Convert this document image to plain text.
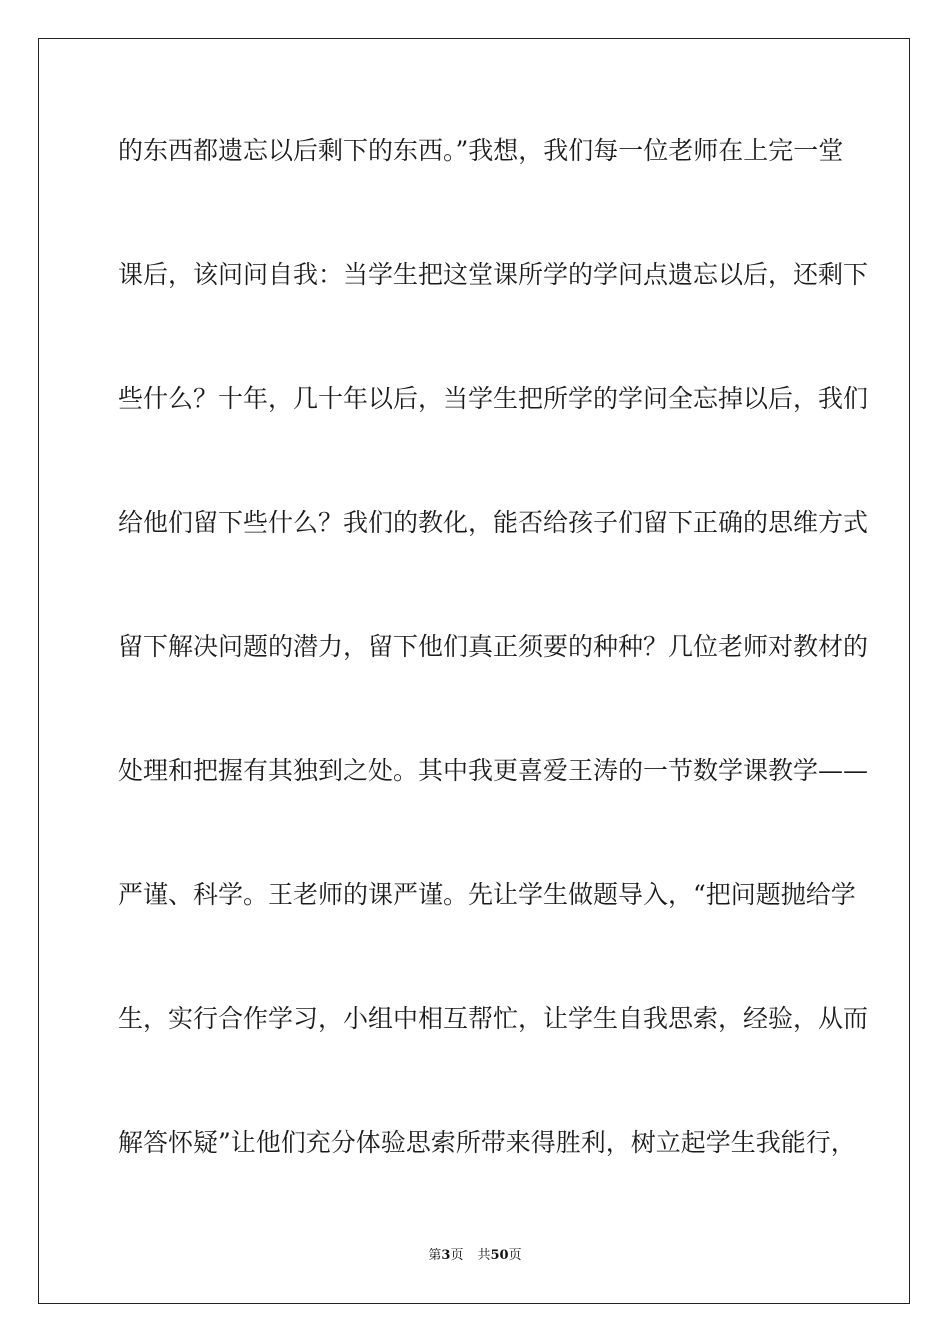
的东西都遗忘以后剩下的东西。”我想，我们每一位老师在上完一堂
课后，该问问自我：当学生把这堂课所学的学问点遗忘以后，还剩下
些什么？十年，几十年以后，当学生把所学的学问全忘掉以后，我们
给他们留下些什么？我们的教化，能否给孩子们留下正确的思维方式
留下解决问题的潜力，留下他们真正须要的种种？几位老师对教材的
处理和把握有其独到之处。其中我更喜爱王涛的一节数学课教学——
严谨、科学。王老师的课严谨。先让学生做题导入，“把问题抛给学
生，实行合作学习，小组中相互帮忙，让学生自我思索，经验，从而
解答怀疑”让他们充分体验思索所带来得胜利，树立起学生我能行，
第3页 共50页
